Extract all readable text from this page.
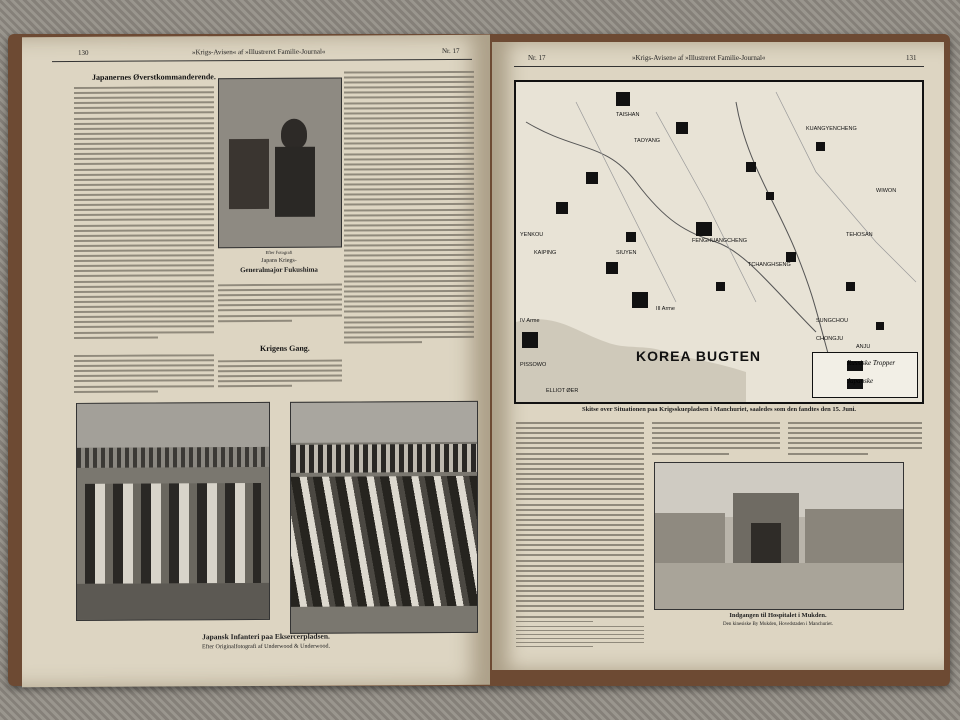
130	»Krigs-Avisen« af »Illustreret Familie-Journal«	Nr. 17
Japanernes Øverstkommanderende.
Efter Fotografi
Japans Kriegs-
Generalmajor Fukushima
Krigens Gang.
Japansk Infanteri paa Eksercerpladsen.
Efter Originalfotografi af Underwood & Underwood.
Nr. 17	»Krigs-Avisen« af »Illustreret Familie-Journal«	131
TAISHAN
TAOYANG
KUANGYENCHENG
WIWON
YENKOU	TEHOSAN
FENGHUANGCHENG
SIUYEN
TCHANGHSENG
KAIPING
III Arme
IV Arme	SUNGCHOU
CHONGJU
ANJU
PISSOWO
ELLIOT ØER
KOREA BUGTEN	Russiske Tropper
Japanske
Skitse over Situationen paa Krigsskuepladsen i Manchuriet, saaledes som den fandtes den 15. Juni.
Indgangen til Hospitalet i Mukden.
Den kinesiske By Mukden, Hovedstaden i Manchuriet.
